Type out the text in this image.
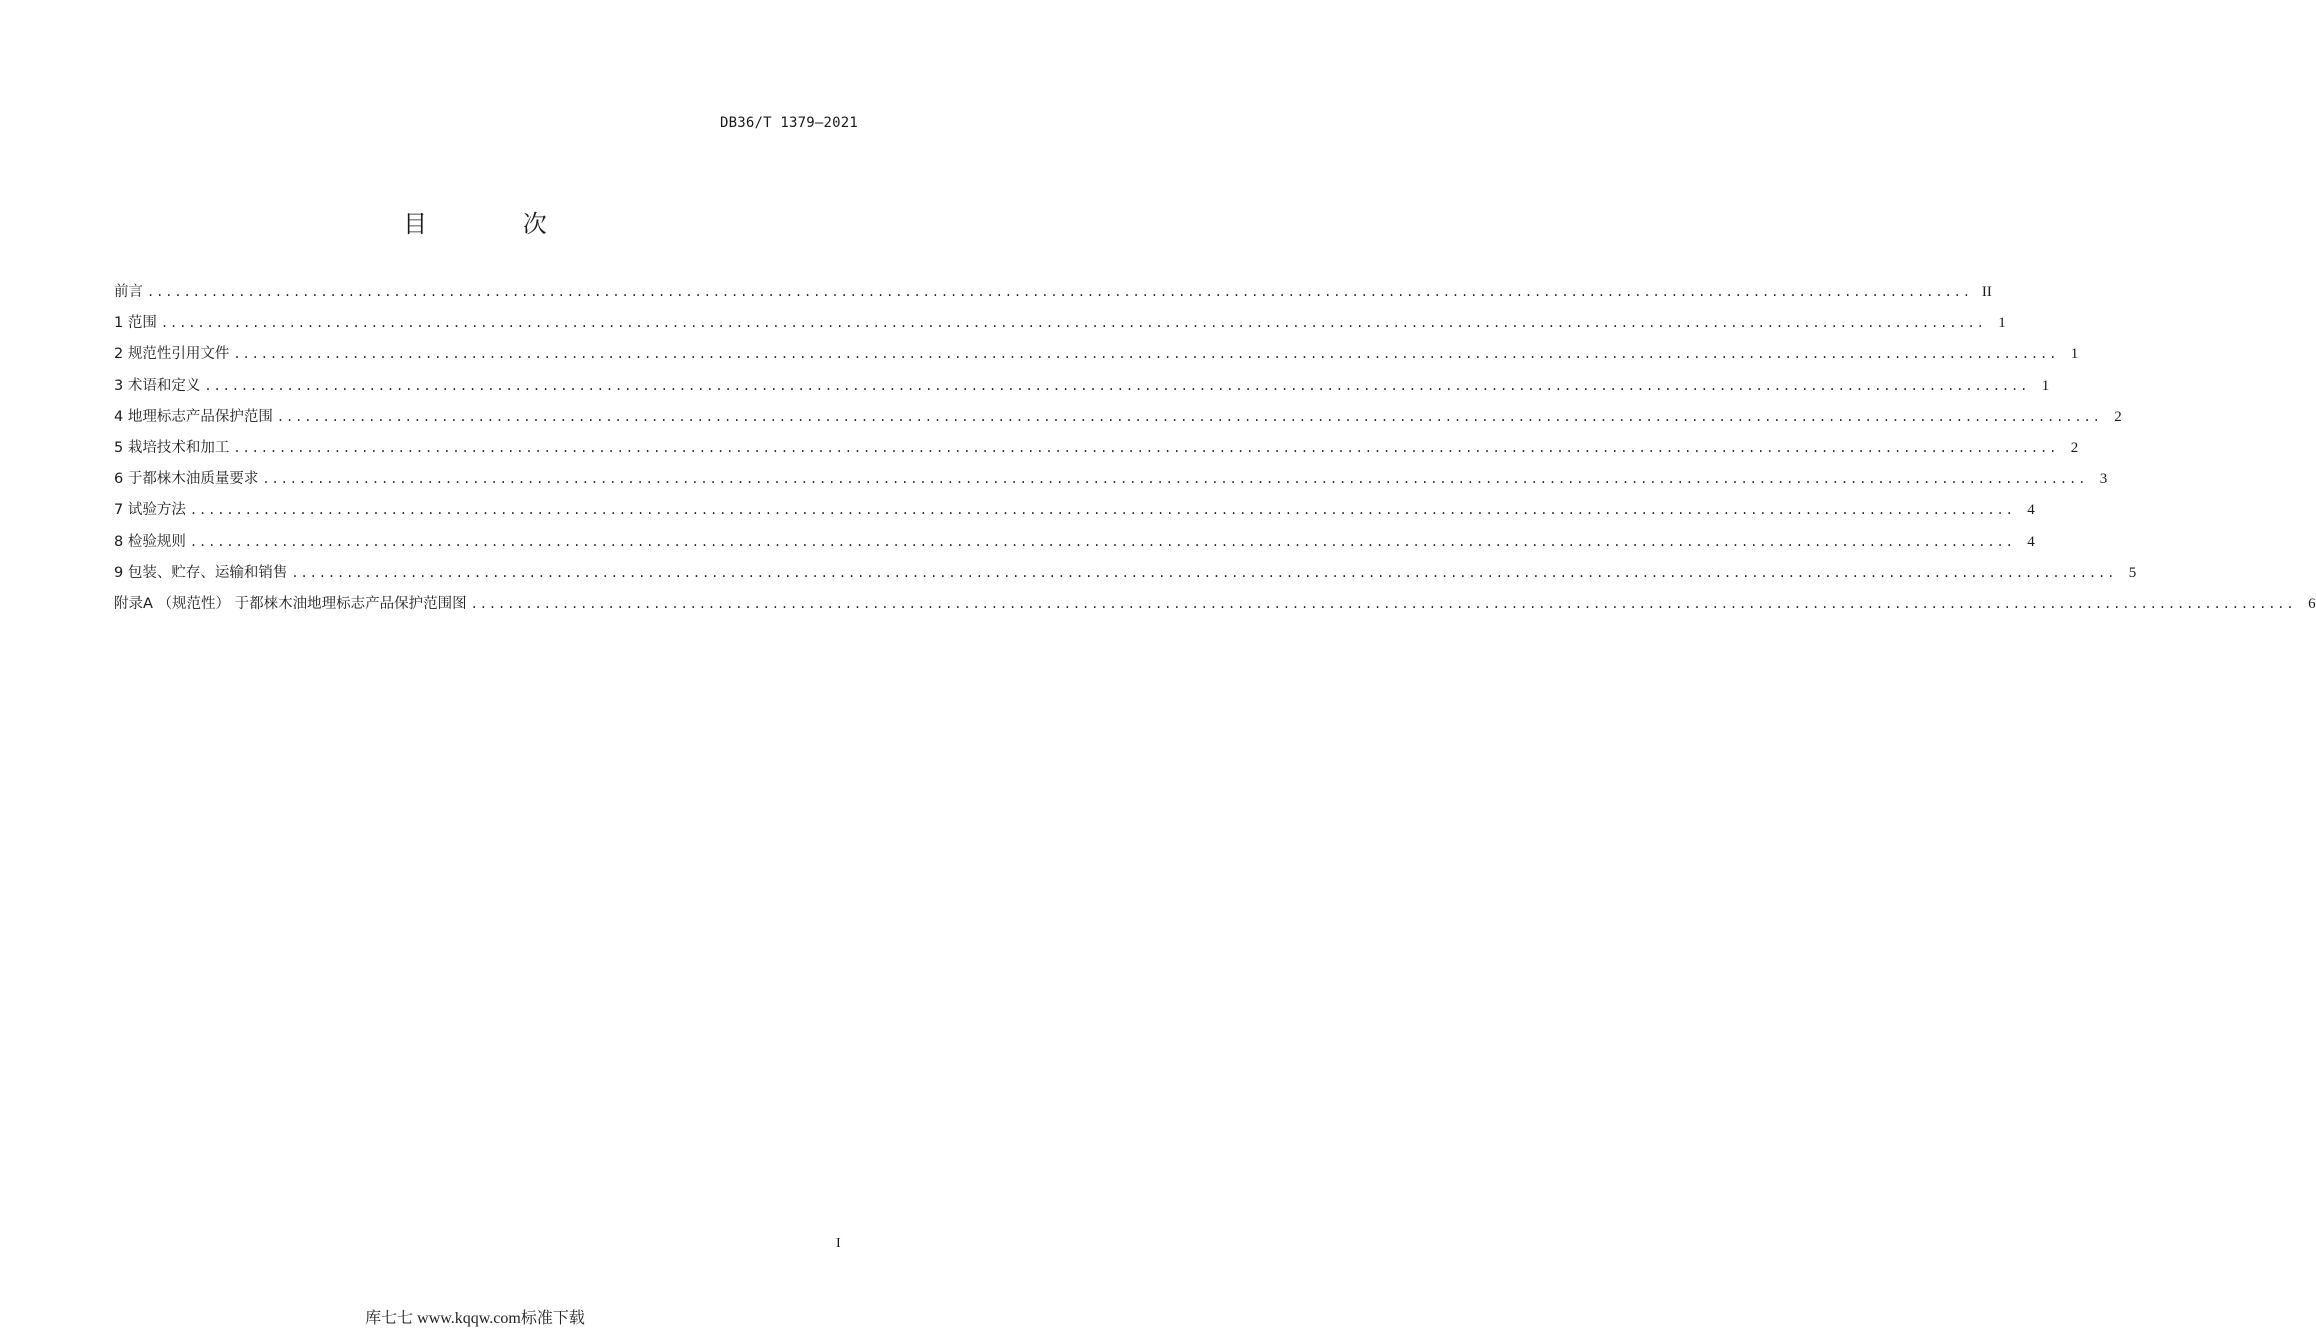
DB36/T 1379—2021
目 次
前言 ........................................................................................................................................................................................................ II
1 范围 ........................................................................................................................................................................................................ 1
2 规范性引用文件 ........................................................................................................................................................................................................ 1
3 术语和定义 ........................................................................................................................................................................................................ 1
4 地理标志产品保护范围 ........................................................................................................................................................................................................ 2
5 栽培技术和加工 ........................................................................................................................................................................................................ 2
6 于都梾木油质量要求 ........................................................................................................................................................................................................ 3
7 试验方法 ........................................................................................................................................................................................................ 4
8 检验规则 ........................................................................................................................................................................................................ 4
9 包装、贮存、运输和销售 ........................................................................................................................................................................................................ 5
附录A （规范性） 于都梾木油地理标志产品保护范围图 ........................................................................................................................................................................................................ 6
I
库七七 www.kqqw.com标准下载
